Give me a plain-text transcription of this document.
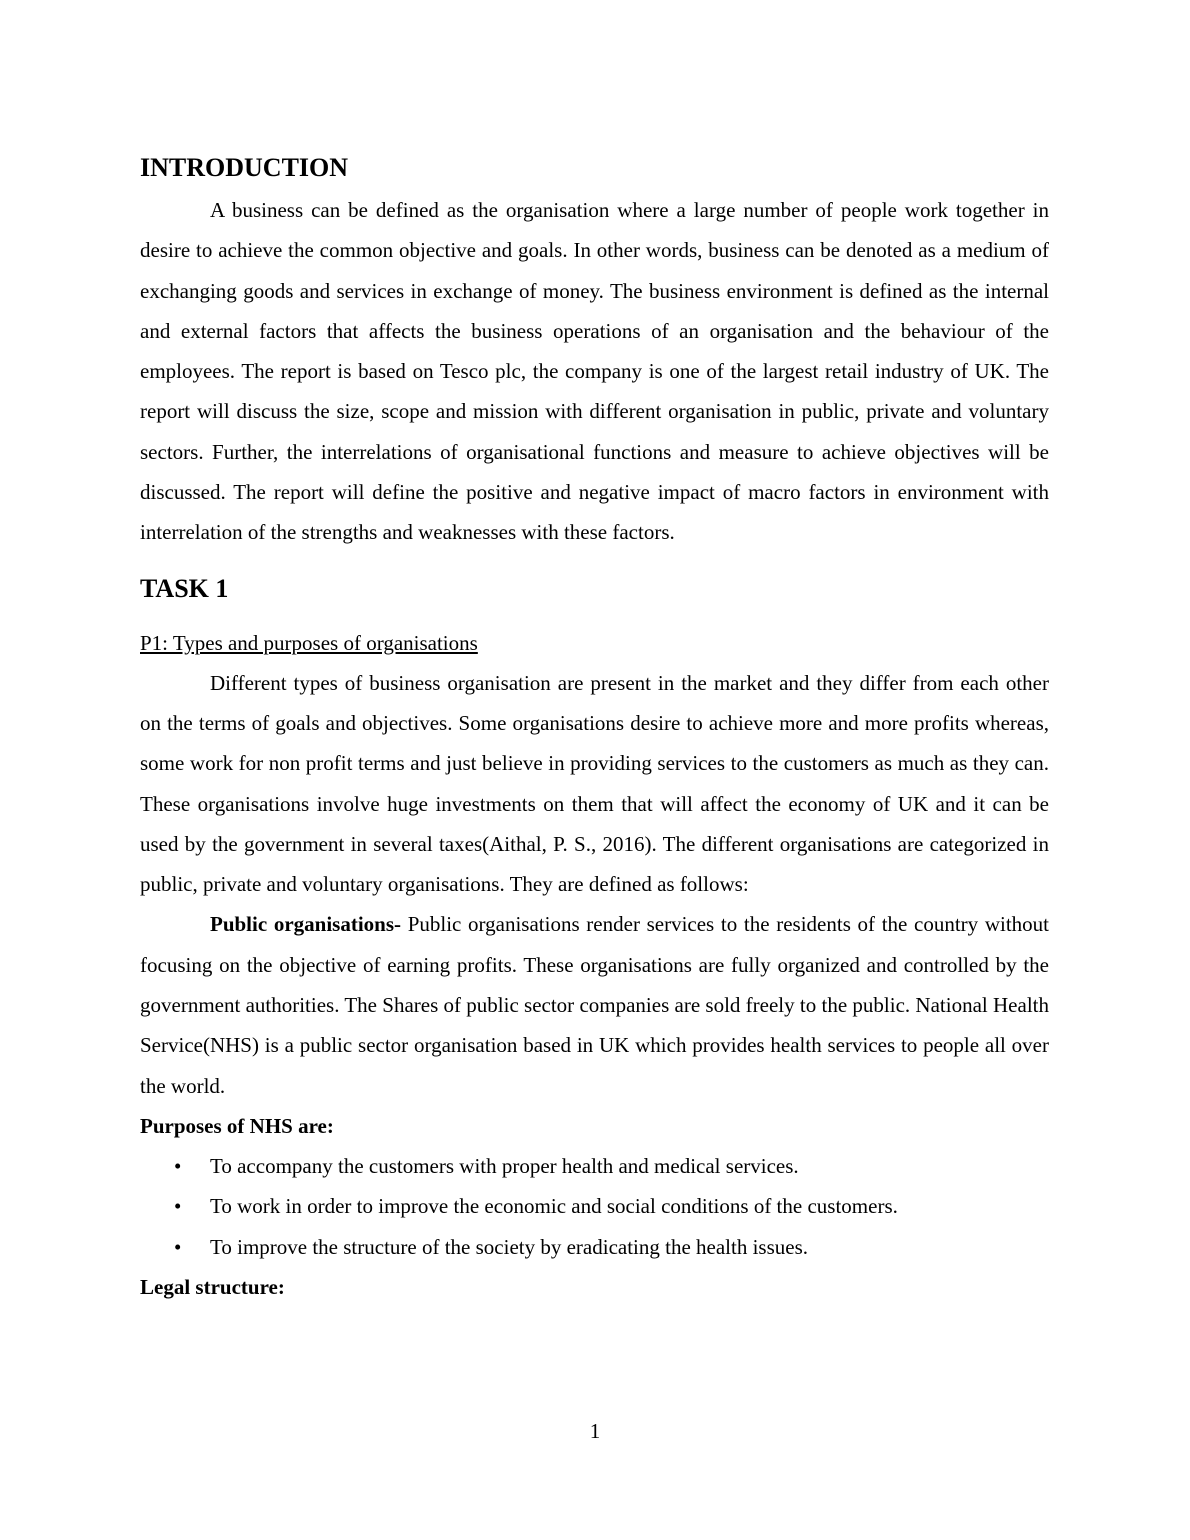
INTRODUCTION

A business can be defined as the organisation where a large number of people work together in desire to achieve the common objective and goals. In other words, business can be denoted as a medium of exchanging goods and services in exchange of money. The business environment is defined as the internal and external factors that affects the business operations of an organisation and the behaviour of the employees. The report is based on Tesco plc, the company is one of the largest retail industry of UK. The report will discuss the size, scope and mission with different organisation in public, private and voluntary sectors. Further, the interrelations of organisational functions and measure to achieve objectives will be discussed. The report will define the positive and negative impact of macro factors in environment with interrelation of the strengths and weaknesses with these factors.

TASK 1

P1: Types and purposes of organisations

Different types of business organisation are present in the market and they differ from each other on the terms of goals and objectives. Some organisations desire to achieve more and more profits whereas, some work for non profit terms and just believe in providing services to the customers as much as they can. These organisations involve huge investments on them that will affect the economy of UK and it can be used by the government in several taxes(Aithal, P. S., 2016). The different organisations are categorized in public, private and voluntary organisations. They are defined as follows:

Public organisations- Public organisations render services to the residents of the country without focusing on the objective of earning profits. These organisations are fully organized and controlled by the government authorities. The Shares of public sector companies are sold freely to the public. National Health Service(NHS) is a public sector organisation based in UK which provides health services to people all over the world.

Purposes of NHS are:

• To accompany the customers with proper health and medical services.
• To work in order to improve the economic and social conditions of the customers.
• To improve the structure of the society by eradicating the health issues.

Legal structure:

1
